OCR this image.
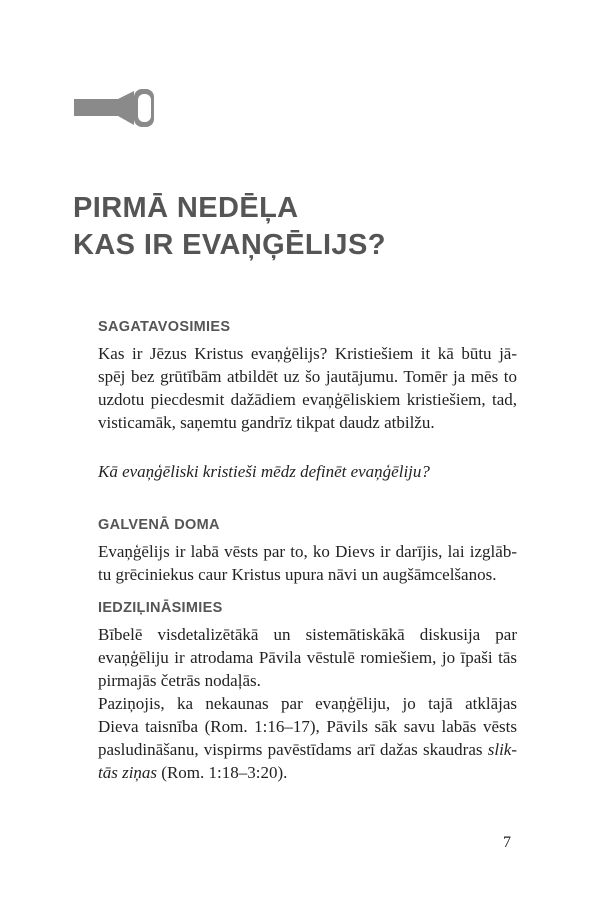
PIRMĀ NEDĒĻA
KAS IR EVAŅĢĒLIJS?
SAGATAVOSIMIES
Kas ir Jēzus Kristus evaņģēlijs? Kristiešiem it kā būtu jā-
spēj bez grūtībām atbildēt uz šo jautājumu. Tomēr ja mēs to
uzdotu piecdesmit dažādiem evaņģēliskiem kristiešiem, tad,
visticamāk, saņemtu gandrīz tikpat daudz atbilžu.
Kā evaņģēliski kristieši mēdz definēt evaņģēliju?
GALVENĀ DOMA
Evaņģēlijs ir labā vēsts par to, ko Dievs ir darījis, lai izglāb-
tu grēciniekus caur Kristus upura nāvi un augšāmcelšanos.
IEDZIĻINĀSIMIES
Bībelē visdetalizētākā un sistemātiskākā diskusija par
evaņģēliju ir atrodama Pāvila vēstulē romiešiem, jo īpaši tās
pirmajās četrās nodaļās.
Paziņojis, ka nekaunas par evaņģēliju, jo tajā atklājas
Dieva taisnība (Rom. 1:16–17), Pāvils sāk savu labās vēsts
pasludināšanu, vispirms pavēstīdams arī dažas skaudras slik-
tās ziņas (Rom. 1:18–3:20).
7
